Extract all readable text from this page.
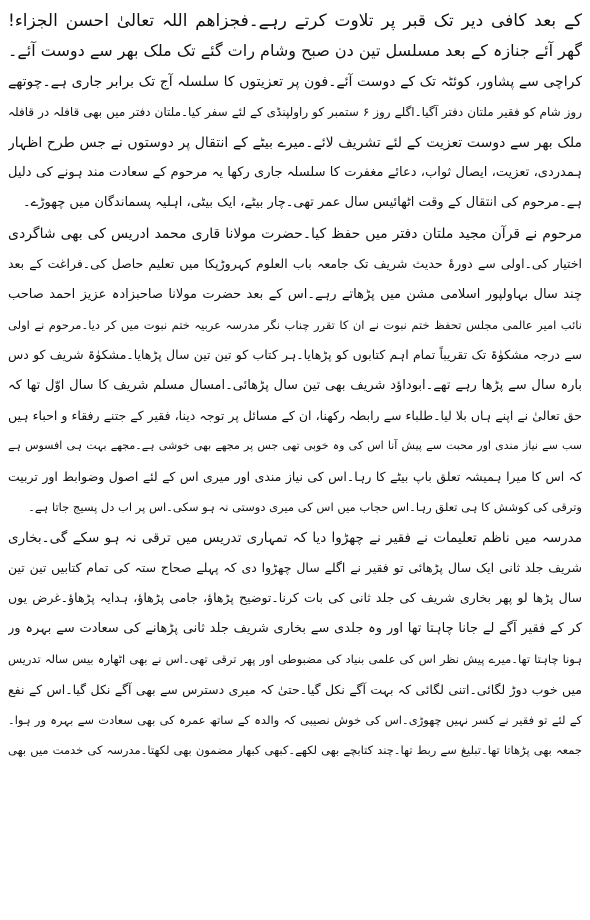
کے بعد کافی دیر تک قبر پر تلاوت کرتے رہے۔فجزاھم اللہ تعالیٰ احسن الجزاء!
گھر آئے جنازہ کے بعد مسلسل تین دن صبح وشام رات گئے تک ملک بھر سے دوست آئے۔
کراچی سے پشاور، کوئٹہ تک کے دوست آئے۔فون پر تعزیتوں کا سلسلہ آج تک برابر جاری ہے۔چوتھے
روز شام کو فقیر ملتان دفتر آگیا۔اگلے روز ۶ ستمبر کو راولپنڈی کے لئے سفر کیا۔ملتان دفتر میں بھی قافلہ در قافلہ
ملک بھر سے دوست تعزیت کے لئے تشریف لائے۔میرے بیٹے کے انتقال پر دوستوں نے جس طرح اظہار
ہمدردی، تعزیت، ایصال ثواب، دعائے مغفرت کا سلسلہ جاری رکھا یہ مرحوم کے سعادت مند ہونے کی دلیل
ہے۔مرحوم کی انتقال کے وقت اٹھائیس سال عمر تھی۔چار بیٹے، ایک بیٹی، اہلیہ پسماندگان میں چھوڑے۔
مرحوم نے قرآن مجید ملتان دفتر میں حفظ کیا۔حضرت مولانا قاری محمد ادریس کی بھی شاگردی
اختیار کی۔اولی سے دورۂ حدیث شریف تک جامعہ باب العلوم کہروڑپکا میں تعلیم حاصل کی۔فراغت کے بعد
چند سال بہاولپور اسلامی مشن میں پڑھاتے رہے۔اس کے بعد حضرت مولانا صاحبزادہ عزیز احمد صاحب
نائب امیر عالمی مجلس تحفظ ختم نبوت نے ان کا تقرر چناب نگر مدرسہ عربیہ ختم نبوت میں کر دیا۔مرحوم نے اولی
سے درجہ مشکوٰۃ تک تقریباً تمام اہم کتابوں کو پڑھایا۔ہر کتاب کو تین تین سال پڑھایا۔مشکوٰۃ شریف کو دس
بارہ سال سے پڑھا رہے تھے۔ابوداؤد شریف بھی تین سال پڑھائی۔امسال مسلم شریف کا سال اوّل تھا کہ
حق تعالیٰ نے اپنے ہاں بلا لیا۔طلباء سے رابطہ رکھنا، ان کے مسائل پر توجہ دینا، فقیر کے جتنے رفقاء و احباء ہیں
سب سے نیاز مندی اور محبت سے پیش آنا اس کی وہ خوبی تھی جس پر مجھے بھی خوشی ہے۔مجھے بہت ہی افسوس ہے
کہ اس کا میرا ہمیشہ تعلق باپ بیٹے کا رہا۔اس کی نیاز مندی اور میری اس کے لئے اصول وضوابط اور تربیت
وترقی کی کوشش کا ہی تعلق رہا۔اس حجاب میں اس کی میری دوستی نہ ہو سکی۔اس پر اب دل پسیج جاتا ہے۔
مدرسہ میں ناظم تعلیمات نے فقیر نے چھڑوا دیا کہ تمہاری تدریس میں ترقی نہ ہو سکے گی۔بخاری
شریف جلد ثانی ایک سال پڑھائی تو فقیر نے اگلے سال چھڑوا دی کہ پہلے صحاح ستہ کی تمام کتابیں تین تین
سال پڑھا لو پھر بخاری شریف کی جلد ثانی کی بات کرنا۔توضیح پڑھاؤ، جامی پڑھاؤ، ہدایہ پڑھاؤ۔غرض یوں
کر کے فقیر آگے لے جانا چاہتا تھا اور وہ جلدی سے بخاری شریف جلد ثانی پڑھانے کی سعادت سے بہرہ ور
ہونا چاہتا تھا۔میرے پیش نظر اس کی علمی بنیاد کی مضبوطی اور پھر ترقی تھی۔اس نے بھی اٹھارہ بیس سالہ تدریس
میں خوب دوڑ لگائی۔اتنی لگائی کہ بہت آگے نکل گیا۔حتیٰ کہ میری دسترس سے بھی آگے نکل گیا۔اس کے نفع
کے لئے تو فقیر نے کسر نہیں چھوڑی۔اس کی خوش نصیبی کہ والدہ کے ساتھ عمرہ کی بھی سعادت سے بہرہ ور ہوا۔
جمعہ بھی پڑھاتا تھا۔تبلیغ سے ربط تھا۔چند کتابچے بھی لکھے۔کبھی کبھار مضمون بھی لکھتا۔مدرسہ کی خدمت میں بھی
